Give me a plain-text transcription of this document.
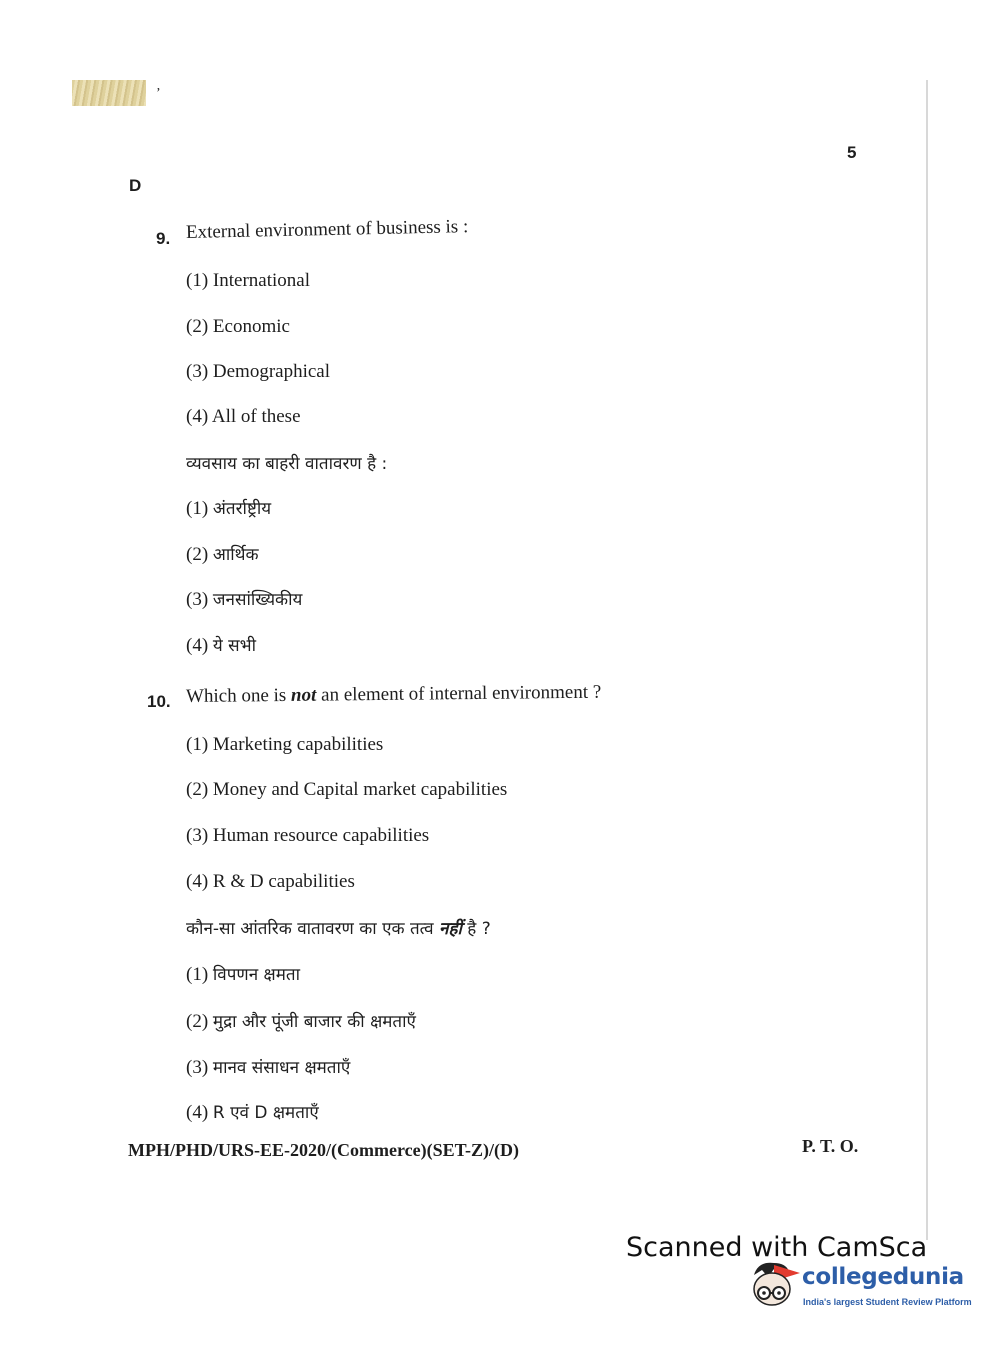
ʼ
5
D
9. External environment of business is :
(1) International
(2) Economic
(3) Demographical
(4) All of these
व्यवसाय का बाहरी वातावरण है :
(1) अंतर्राष्ट्रीय
(2) आर्थिक
(3) जनसांख्यिकीय
(4) ये सभी
10. Which one is not an element of internal environment ?
(1) Marketing capabilities
(2) Money and Capital market capabilities
(3) Human resource capabilities
(4) R & D capabilities
कौन-सा आंतरिक वातावरण का एक तत्व नहीं है ?
(1) विपणन क्षमता
(2) मुद्रा और पूंजी बाजार की क्षमताएँ
(3) मानव संसाधन क्षमताएँ
(4) R एवं D क्षमताएँ
MPH/PHD/URS-EE-2020/(Commerce)(SET-Z)/(D)	P. T. O.
Scanned with CamSca
collegedunia
India's largest Student Review Platform
